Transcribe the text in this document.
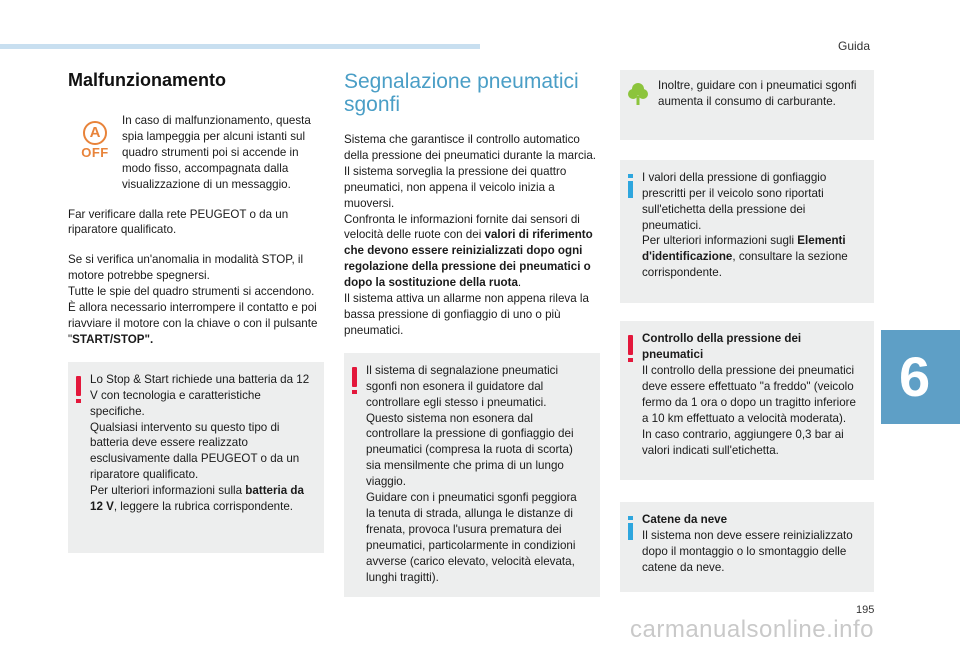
Guida
Malfunzionamento
A
OFF

In caso di malfunzionamento, questa spia lampeggia per alcuni istanti sul quadro strumenti poi si accende in modo fisso, accompagnata dalla visualizzazione di un messaggio.

Far verificare dalla rete PEUGEOT o da un riparatore qualificato.

Se si verifica un'anomalia in modalità STOP, il motore potrebbe spegnersi.
Tutte le spie del quadro strumenti si accendono.
È allora necessario interrompere il contatto e poi riavviare il motore con la chiave o con il pulsante "START/STOP".

Lo Stop & Start richiede una batteria da 12 V con tecnologia e caratteristiche specifiche.

Qualsiasi intervento su questo tipo di batteria deve essere realizzato esclusivamente dalla PEUGEOT o da un riparatore qualificato.

Per ulteriori informazioni sulla batteria da 12 V, leggere la rubrica corrispondente.

Segnalazione pneumatici sgonfi

Sistema che garantisce il controllo automatico della pressione dei pneumatici durante la marcia.

Il sistema sorveglia la pressione dei quattro pneumatici, non appena il veicolo inizia a muoversi.

Confronta le informazioni fornite dai sensori di velocità delle ruote con dei valori di riferimento che devono essere reinizializzati dopo ogni regolazione della pressione dei pneumatici o dopo la sostituzione della ruota.

Il sistema attiva un allarme non appena rileva la bassa pressione di gonfiaggio di uno o più pneumatici.

Il sistema di segnalazione pneumatici sgonfi non esonera il guidatore dal controllare egli stesso i pneumatici.

Questo sistema non esonera dal controllare la pressione di gonfiaggio dei pneumatici (compresa la ruota di scorta) sia mensilmente che prima di un lungo viaggio.

Guidare con i pneumatici sgonfi peggiora la tenuta di strada, allunga le distanze di frenata, provoca l'usura prematura dei pneumatici, particolarmente in condizioni avverse (carico elevato, velocità elevata, lunghi tragitti).

Inoltre, guidare con i pneumatici sgonfi aumenta il consumo di carburante.

I valori della pressione di gonfiaggio prescritti per il veicolo sono riportati sull'etichetta della pressione dei pneumatici.

Per ulteriori informazioni sugli Elementi d'identificazione, consultare la sezione corrispondente.

Controllo della pressione dei pneumatici

Il controllo della pressione dei pneumatici deve essere effettuato "a freddo" (veicolo fermo da 1 ora o dopo un tragitto inferiore a 10 km effettuato a velocità moderata).

In caso contrario, aggiungere 0,3 bar ai valori indicati sull'etichetta.

Catene da neve

Il sistema non deve essere reinizializzato dopo il montaggio o lo smontaggio delle catene da neve.

6
195
carmanualsonline.info
